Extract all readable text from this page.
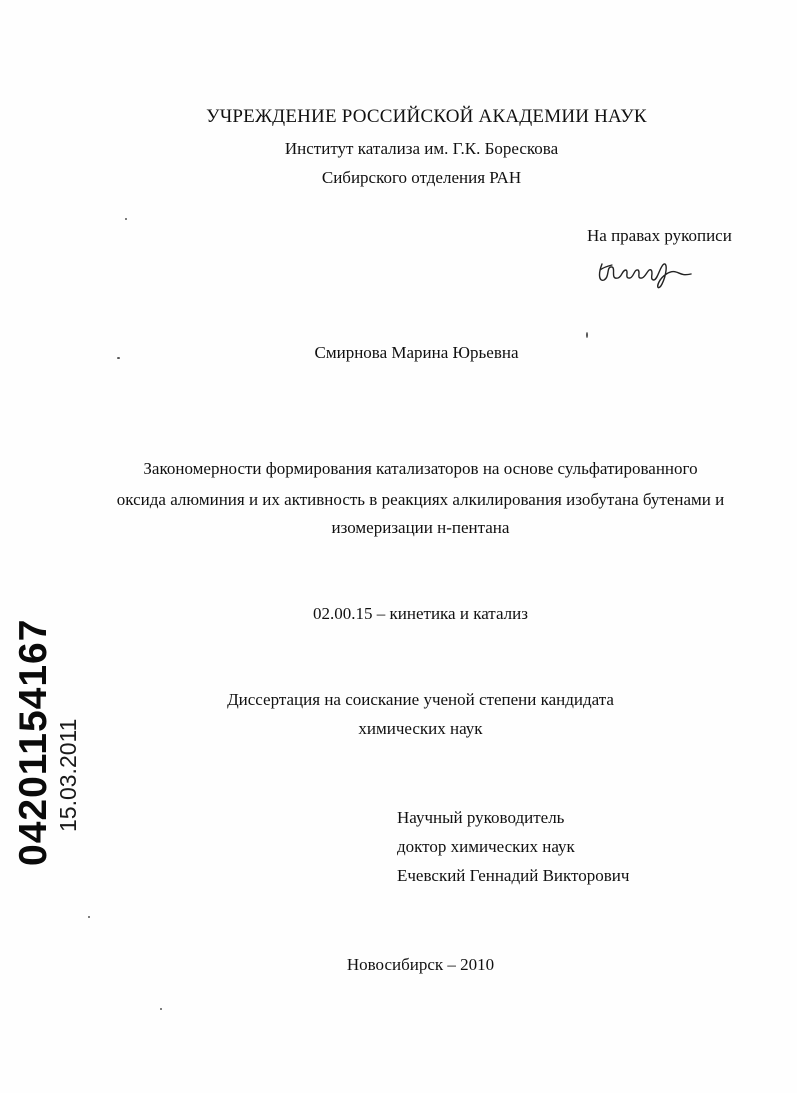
УЧРЕЖДЕНИЕ РОССИЙСКОЙ АКАДЕМИИ НАУК
Институт катализа им. Г.К. Борескова
Сибирского отделения РАН
На правах рукописи
Смирнова Марина Юрьевна
Закономерности формирования катализаторов на основе сульфатированного
оксида алюминия и их активность в реакциях алкилирования изобутана бутенами и
изомеризации н-пентана
02.00.15 – кинетика и катализ
Диссертация на соискание ученой степени кандидата
химических наук
Научный руководитель
доктор химических наук
Ечевский Геннадий Викторович
Новосибирск – 2010
04201154167 15.03.2011
